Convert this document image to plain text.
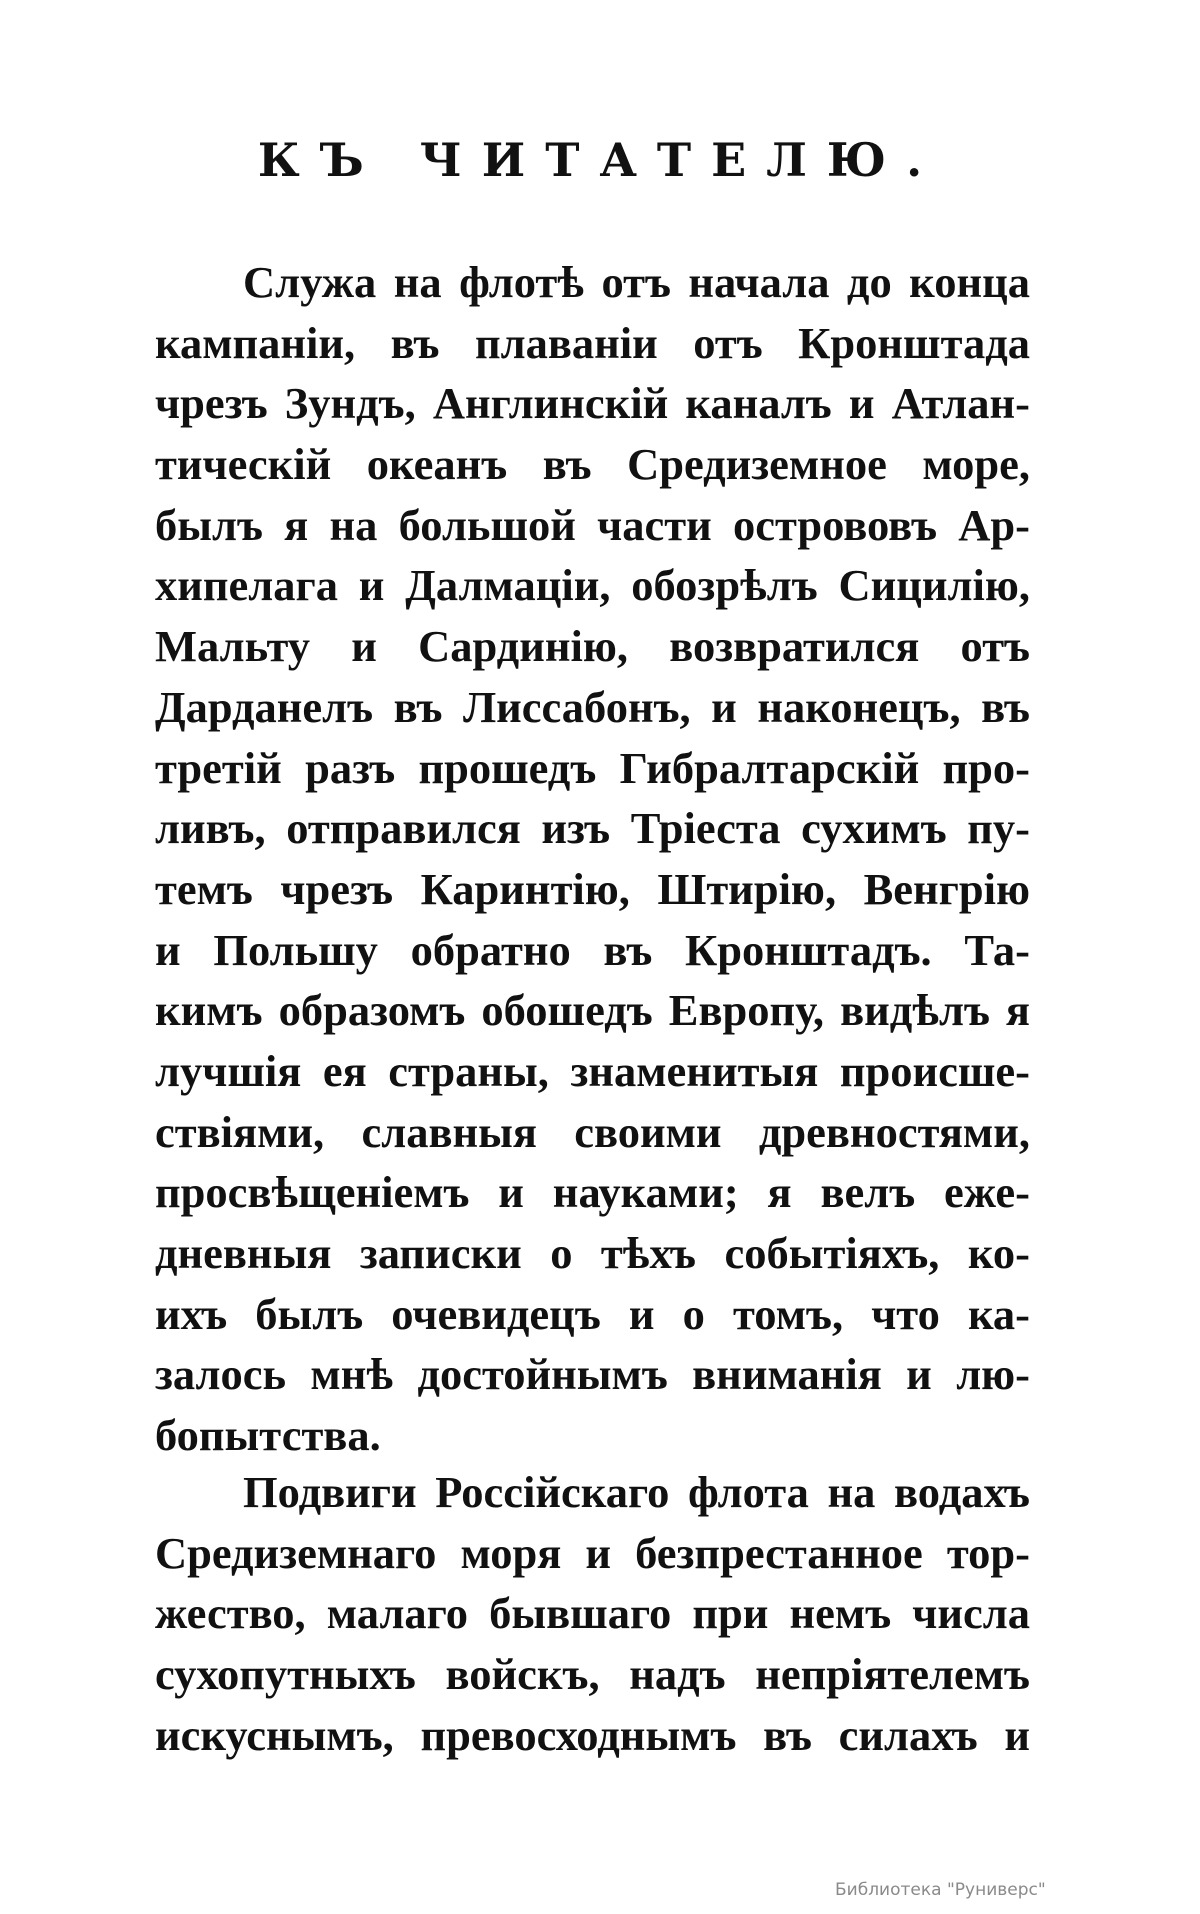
КЪ ЧИТАТЕЛЮ.
Служа на флотѣ отъ начала до конца
кампаніи, въ плаваніи отъ Кронштада
чрезъ Зундъ, Англинскій каналъ и Атлан-
тическій океанъ въ Средиземное море,
былъ я на большой части острововъ Ар-
хипелага и Далмаціи, обозрѣлъ Сицилію,
Мальту и Сардинію, возвратился отъ
Дарданелъ въ Лиссабонъ, и наконецъ, въ
третій разъ прошедъ Гибралтарскій про-
ливъ, отправился изъ Тріеста сухимъ пу-
темъ чрезъ Каринтію, Штирію, Венгрію
и Польшу обратно въ Кронштадъ. Та-
кимъ образомъ обошедъ Европу, видѣлъ я
лучшія ея страны, знаменитыя происше-
ствіями, славныя своими древностями,
просвѣщеніемъ и науками; я велъ еже-
дневныя записки о тѣхъ событіяхъ, ко-
ихъ былъ очевидецъ и о томъ, что ка-
залось мнѣ достойнымъ вниманія и лю-
бопытства.
Подвиги Россійскаго флота на водахъ
Средиземнаго моря и безпрестанное тор-
жество, малаго бывшаго при немъ числа
сухопутныхъ войскъ, надъ непріятелемъ
искуснымъ, превосходнымъ въ силахъ и
Библиотека "Руниверс"
